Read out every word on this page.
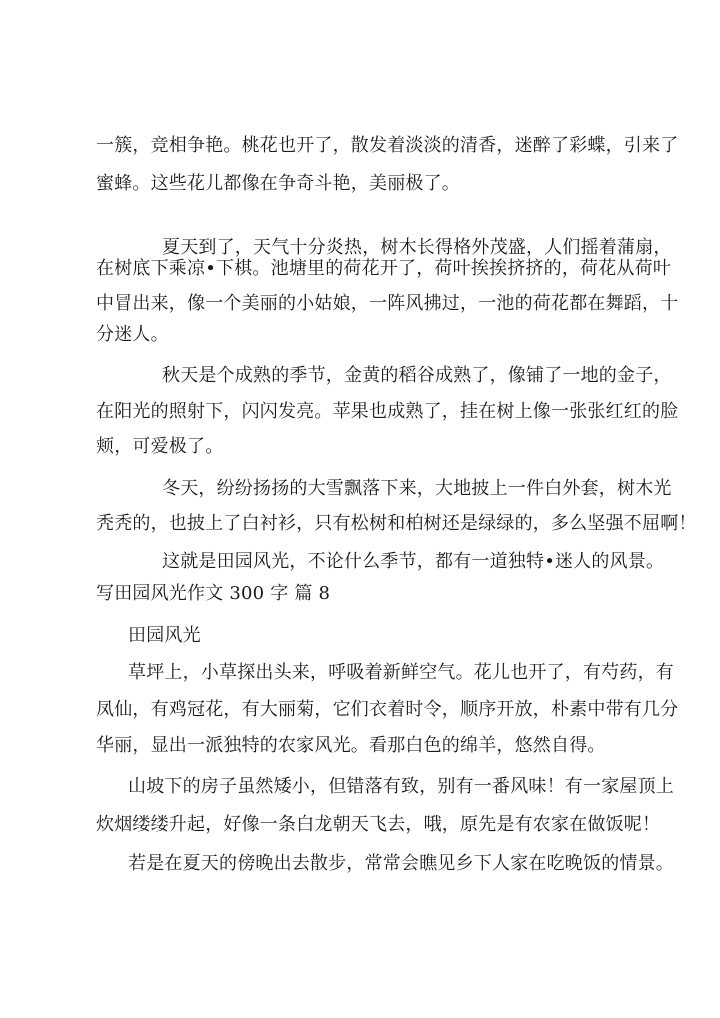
一簇，竞相争艳。桃花也开了，散发着淡淡的清香，迷醉了彩蝶，引来了
蜜蜂。这些花儿都像在争奇斗艳，美丽极了。
夏天到了，天气十分炎热，树木长得格外茂盛，人们摇着蒲扇，
在树底下乘凉•下棋。池塘里的荷花开了，荷叶挨挨挤挤的，荷花从荷叶
中冒出来，像一个美丽的小姑娘，一阵风拂过，一池的荷花都在舞蹈，十
分迷人。
秋天是个成熟的季节，金黄的稻谷成熟了，像铺了一地的金子，
在阳光的照射下，闪闪发亮。苹果也成熟了，挂在树上像一张张红红的脸
颊，可爱极了。
冬天，纷纷扬扬的大雪飘落下来，大地披上一件白外套，树木光
秃秃的，也披上了白衬衫，只有松树和柏树还是绿绿的，多么坚强不屈啊！
这就是田园风光，不论什么季节，都有一道独特•迷人的风景。
写田园风光作文 300 字 篇 8
田园风光
草坪上，小草探出头来，呼吸着新鲜空气。花儿也开了，有芍药，有
凤仙，有鸡冠花，有大丽菊，它们衣着时令，顺序开放，朴素中带有几分
华丽，显出一派独特的农家风光。看那白色的绵羊，悠然自得。
山坡下的房子虽然矮小，但错落有致，别有一番风味！有一家屋顶上
炊烟缕缕升起，好像一条白龙朝天飞去，哦，原先是有农家在做饭呢！
若是在夏天的傍晚出去散步，常常会瞧见乡下人家在吃晚饭的情景。
